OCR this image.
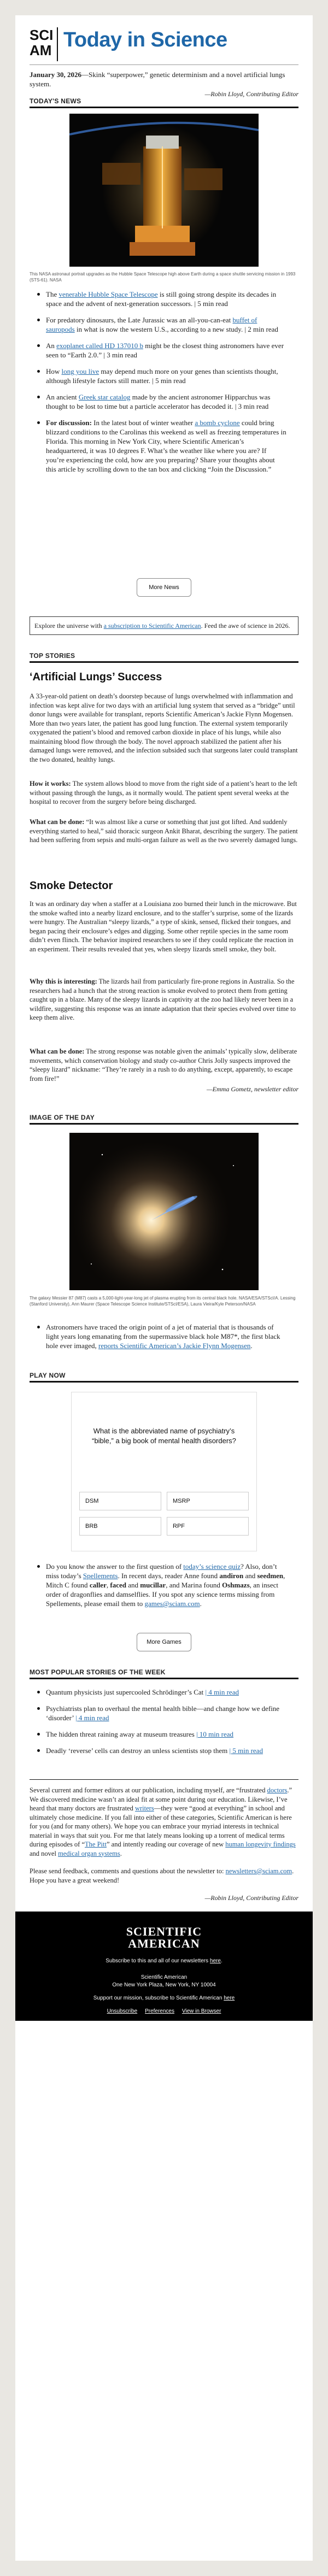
SCI
AM Today in Science
January 30, 2026—Skink “superpower,” genetic determinism and a novel artificial lungs system.
—Robin Lloyd, Contributing Editor
TODAY'S NEWS
This NASA astronaut portrait upgrades as the Hubble Space Telescope high above Earth during a space shuttle servicing mission in 1993 (STS-61). NASA
The venerable Hubble Space Telescope is still going strong despite its decades in space and the advent of next-generation successors. | 5 min read
For predatory dinosaurs, the Late Jurassic was an all-you-can-eat buffet of sauropods in what is now the western U.S., according to a new study. | 2 min read
An exoplanet called HD 137010 b might be the closest thing astronomers have ever seen to “Earth 2.0.” | 3 min read
How long you live may depend much more on your genes than scientists thought, although lifestyle factors still matter. | 5 min read
An ancient Greek star catalog made by the ancient astronomer Hipparchus was thought to be lost to time but a particle accelerator has decoded it. | 3 min read
For discussion: In the latest bout of winter weather a bomb cyclone could bring blizzard conditions to the Carolinas this weekend as well as freezing temperatures in Florida. This morning in New York City, where Scientific American’s headquartered, it was 10 degrees F. What’s the weather like where you are? If you’re experiencing the cold, how are you preparing? Share your thoughts about this article by scrolling down to the tan box and clicking “Join the Discussion.”
More News
Explore the universe with a subscription to Scientific American. Feed the awe of science in 2026.
TOP STORIES
‘Artificial Lungs’ Success
A 33-year-old patient on death’s doorstep because of lungs overwhelmed with inflammation and infection was kept alive for two days with an artificial lung system that served as a “bridge” until donor lungs were available for transplant, reports Scientific American’s Jackie Flynn Mogensen. More than two years later, the patient has good lung function. The external system temporarily oxygenated the patient’s blood and removed carbon dioxide in place of his lungs, while also maintaining blood flow through the body. The novel approach stabilized the patient after his damaged lungs were removed, and the infection subsided such that surgeons later could transplant the two donated, healthy lungs.
How it works: The system allows blood to move from the right side of a patient’s heart to the left without passing through the lungs, as it normally would. The patient spent several weeks at the hospital to recover from the surgery before being discharged.
What can be done: “It was almost like a curse or something that just got lifted. And suddenly everything started to heal,” said thoracic surgeon Ankit Bharat, describing the surgery. The patient had been suffering from sepsis and multi-organ failure as well as the two severely damaged lungs.
Smoke Detector
It was an ordinary day when a staffer at a Louisiana zoo burned their lunch in the microwave. But the smoke wafted into a nearby lizard enclosure, and to the staffer’s surprise, some of the lizards were hungry. The Australian “sleepy lizards,” a type of skink, sensed, flicked their tongues, and began pacing their enclosure’s edges and digging. Some other reptile species in the same room didn’t even flinch. The behavior inspired researchers to see if they could replicate the reaction in an experiment. Their results revealed that yes, when sleepy lizards smell smoke, they bolt.
Why this is interesting: The lizards hail from particularly fire-prone regions in Australia. So the researchers had a hunch that the strong reaction is smoke evolved to protect them from getting caught up in a blaze. Many of the sleepy lizards in captivity at the zoo had likely never been in a wildfire, suggesting this response was an innate adaptation that their species evolved over time to keep them alive.
What can be done: The strong response was notable given the animals’ typically slow, deliberate movements, which conservation biology and study co-author Chris Jolly suspects improved the “sleepy lizard” nickname: “They’re rarely in a rush to do anything, except, apparently, to escape from fire!”
—Emma Gometz, newsletter editor
IMAGE OF THE DAY
The galaxy Messier 87 (M87) casts a 5,000-light-year-long jet of plasma erupting from its central black hole. NASA/ESA/STScI/A. Lessing (Stanford University), Ann Maurer (Space Telescope Science Institute/STScI/ESA), Laura Vieira/Kyle Peterson/NASA
Astronomers have traced the origin point of a jet of material that is thousands of light years long emanating from the supermassive black hole M87*, the first black hole ever imaged, reports Scientific American’s Jackie Flynn Mogensen.
PLAY NOW
What is the abbreviated name of psychiatry’s “bible,” a big book of mental health disorders?
DSM	MSRP
BRB	RPF
Do you know the answer to the first question of today’s science quiz? Also, don’t miss today’s Spellements. In recent days, reader Anne found andiron and seedmen, Mitch C found caller, faced and mucillar, and Marina found Oshmazs, an insect order of dragonflies and damselflies. If you spot any science terms missing from Spellements, please email them to games@sciam.com.
More Games
MOST POPULAR STORIES OF THE WEEK
Quantum physicists just supercooled Schrödinger’s Cat | 4 min read
Psychiatrists plan to overhaul the mental health bible—and change how we define ‘disorder’ | 4 min read
The hidden threat raining away at museum treasures | 10 min read
Deadly ‘reverse’ cells can destroy an unless scientists stop them | 5 min read
Several current and former editors at our publication, including myself, are “frustrated doctors.” We discovered medicine wasn’t an ideal fit at some point during our education. Likewise, I’ve heard that many doctors are frustrated writers—they were “good at everything” in school and ultimately chose medicine. If you fall into either of these categories, Scientific American is here for you (and for many others). We hope you can embrace your myriad interests in technical material in ways that suit you. For me that lately means looking up a torrent of medical terms during episodes of “The Pitt” and intently reading our coverage of new human longevity findings and novel medical organ systems.
Please send feedback, comments and questions about the newsletter to: newsletters@sciam.com. Hope you have a great weekend!
—Robin Lloyd, Contributing Editor
SCIENTIFIC
AMERICAN
Subscribe to this and all of our newsletters here.
Scientific American
One New York Plaza, New York, NY 10004
Support our mission, subscribe to Scientific American here
Unsubscribe Preferences View in Browser
